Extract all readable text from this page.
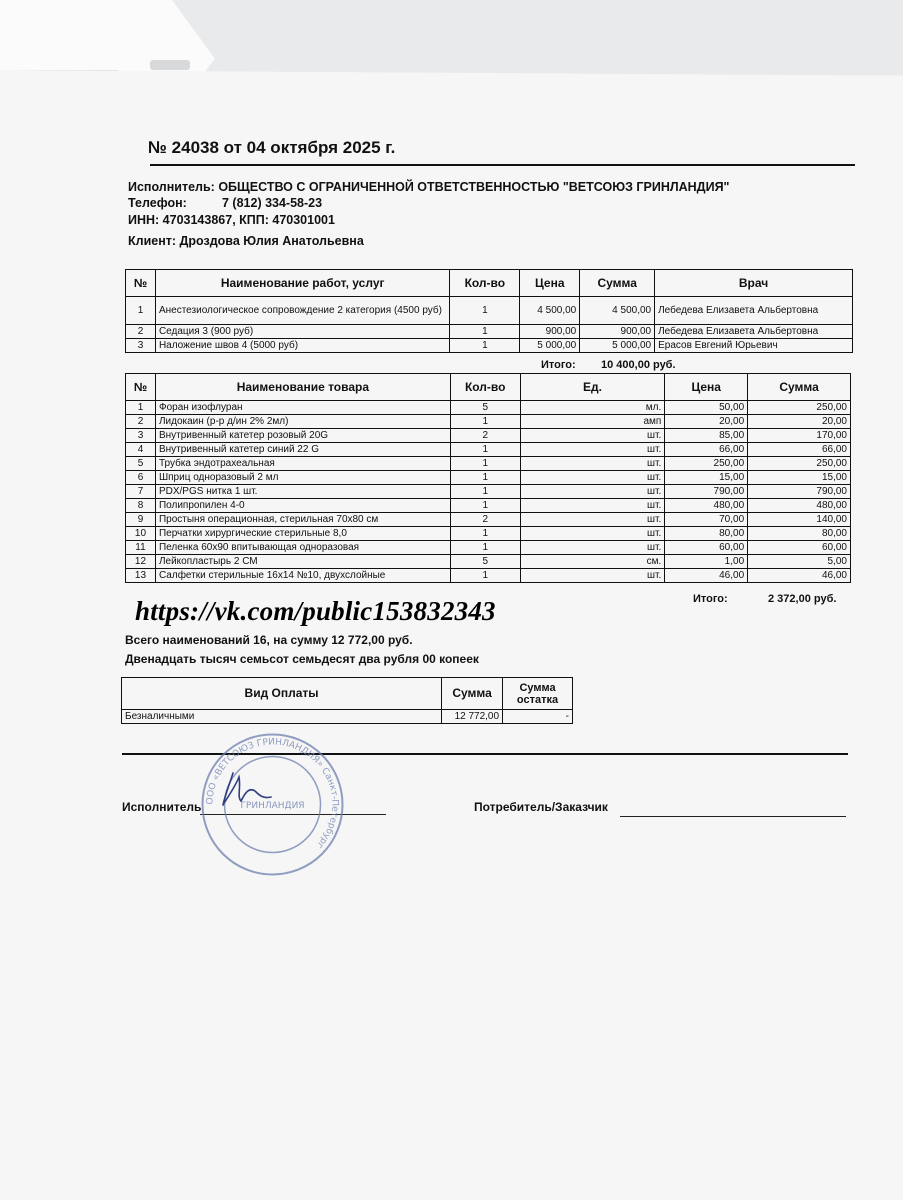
№ 24038 от 04 октября 2025 г.
Исполнитель: ОБЩЕСТВО С ОГРАНИЧЕННОЙ ОТВЕТСТВЕННОСТЬЮ "ВЕТСОЮЗ ГРИНЛАНДИЯ"
Телефон:	7 (812) 334-58-23
ИНН: 4703143867, КПП: 470301001
Клиент: Дроздова Юлия Анатольевна
№	Наименование работ, услуг	Кол-во	Цена	Сумма	Врач
1	Анестезиологическое сопровождение 2 категория (4500 руб)	1	4 500,00	4 500,00	Лебедева Елизавета Альбертовна
2	Седация 3 (900 руб)	1	900,00	900,00	Лебедева Елизавета Альбертовна
3	Наложение швов 4 (5000 руб)	1	5 000,00	5 000,00	Ерасов Евгений Юрьевич
Итого: 10 400,00 руб.
№	Наименование товара	Кол-во	Ед.	Цена	Сумма
1	Форан изофлуран	5	мл.	50,00	250,00
2	Лидокаин (р-р д/ин 2% 2мл)	1	амп	20,00	20,00
3	Внутривенный катетер розовый 20G	2	шт.	85,00	170,00
4	Внутривенный катетер синий 22 G	1	шт.	66,00	66,00
5	Трубка эндотрахеальная	1	шт.	250,00	250,00
6	Шприц одноразовый 2 мл	1	шт.	15,00	15,00
7	PDX/PGS нитка 1 шт.	1	шт.	790,00	790,00
8	Полипропилен 4-0	1	шт.	480,00	480,00
9	Простыня операционная, стерильная 70х80 см	2	шт.	70,00	140,00
10	Перчатки хирургические стерильные 8,0	1	шт.	80,00	80,00
11	Пеленка 60х90 впитывающая одноразовая	1	шт.	60,00	60,00
12	Лейкопластырь 2 СМ	5	см.	1,00	5,00
13	Салфетки стерильные 16х14 №10, двухслойные	1	шт.	46,00	46,00
Итого:	2 372,00 руб.
https://vk.com/public153832343
Всего наименований 16, на сумму 12 772,00 руб.
Двенадцать тысяч семьсот семьдесят два рубля 00 копеек
Вид Оплаты	Сумма	Сумма остатка
Безналичными	12 772,00	-
Исполнитель	Потребитель/Заказчик
ООО «ВЕТСОЮЗ ГРИНЛАНДИЯ» Санкт-Петербург
ГРИНЛАНДИЯ
